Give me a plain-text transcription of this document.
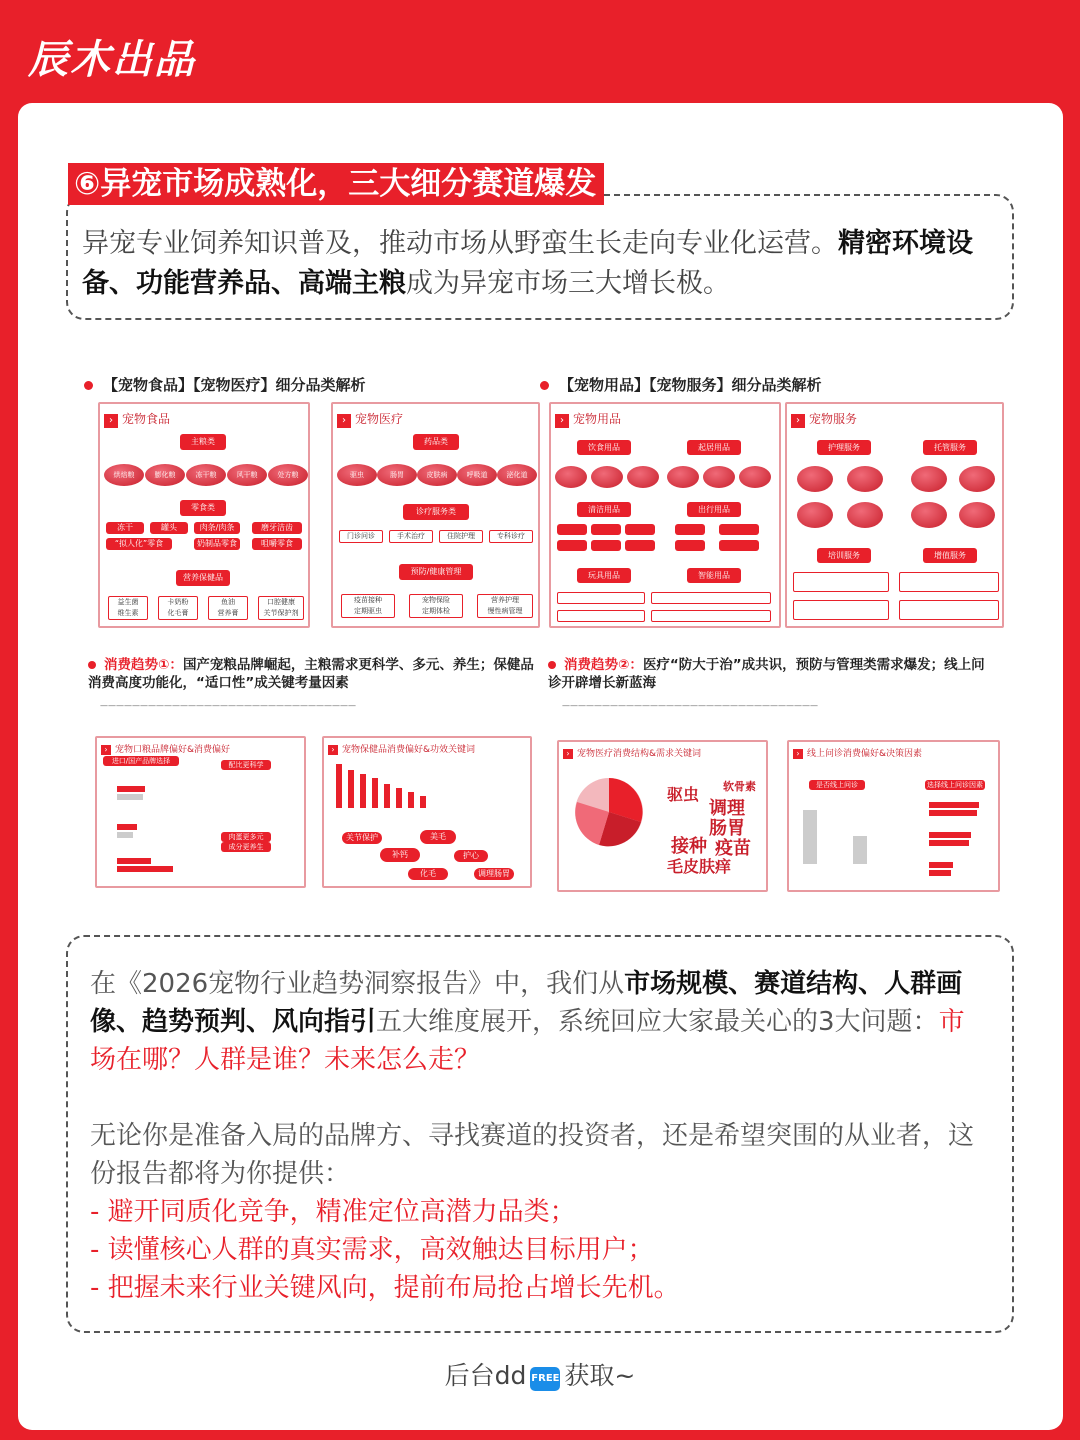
辰木出品
⑥异宠市场成熟化，三大细分赛道爆发
异宠专业饲养知识普及，推动市场从野蛮生长走向专业化运营。精密环境设备、功能营养品、高端主粮成为异宠市场三大增长极。
【宠物食品】【宠物医疗】细分品类解析	【宠物用品】【宠物服务】细分品类解析
› 宠物食品
主粮类
烘焙粮	膨化粮	冻干粮	风干粮	处方粮
零食类
冻干	罐头	肉条/肉条	磨牙洁齿
“拟人化”零食	奶制品零食	咀嚼零食
营养保健品
益生菌
维生素
卡奶粉
化毛膏
鱼油
营养膏
口腔健康
关节保护剂
› 宠物医疗
药品类
驱虫	肠胃	皮肤病	呼吸道	泌化道
诊疗服务类
门诊问诊	手术治疗	住院护理	专科诊疗
预防/健康管理
疫苗接种
定期驱虫
宠物保险
定期体检
营养护理
慢性病管理
› 宠物用品
饮食用品	起居用品
清洁用品	出行用品
玩具用品	智能用品
› 宠物服务
护理服务	托管服务
培训服务	增值服务
消费趋势①：国产宠粮品牌崛起，主粮需求更科学、多元、养生；保健品消费高度功能化，“适口性”成关键考量因素
————————————————————————————————
消费趋势②：医疗“防大于治”成共识，预防与管理类需求爆发；线上问诊开辟增长新蓝海
————————————————————————————————
› 宠物口粮品牌偏好&消费偏好
进口/国产品牌选择	配比更科学
肉蛋更多元
成分更养生
› 宠物保健品消费偏好&功效关键词
关节保护	美毛
补钙	护心
化毛	调理肠胃
› 宠物医疗消费结构&需求关键词
驱虫
调理
肠胃
接种 疫苗
毛皮肤痒
软骨素
› 线上问诊消费偏好&决策因素
是否线上问诊	选择线上问诊因素

在《2026宠物行业趋势洞察报告》中，我们从市场规模、赛道结构、人群画像、趋势预判、风向指引五大维度展开，系统回应大家最关心的3大问题：市场在哪？人群是谁？未来怎么走？

无论你是准备入局的品牌方、寻找赛道的投资者，还是希望突围的从业者，这份报告都将为你提供：

- 避开同质化竞争，精准定位高潜力品类；

- 读懂核心人群的真实需求，高效触达目标用户；

- 把握未来行业关键风向，提前布局抢占增长先机。

后台dd FREE 获取~
